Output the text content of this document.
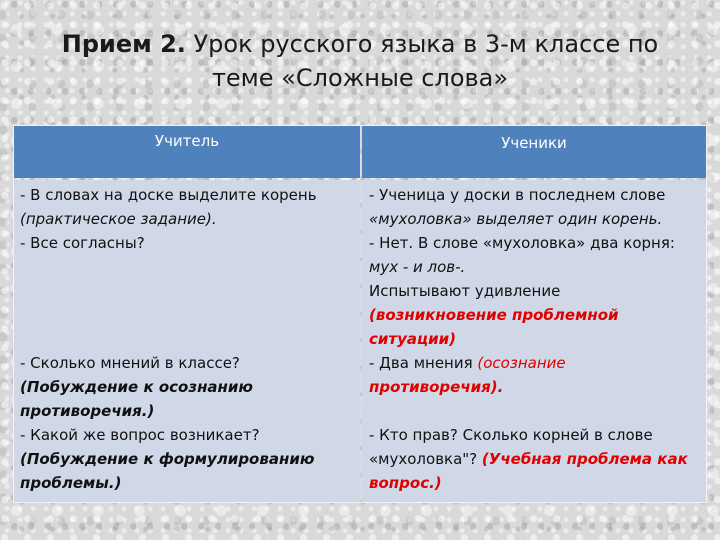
Прием 2. Урок русского языка в 3-м классе по
теме «Сложные слова»
Учитель	Ученики
- В словах на доске выделите корень
(практическое задание).
- Все согласны?
- Сколько мнений в классе?
(Побуждение к осознанию
противоречия.)
- Какой же вопрос возникает?
(Побуждение к формулированию
проблемы.)
- Ученица у доски в последнем слове
«мухоловка» выделяет один корень.
- Нет. В слове «мухоловка» два корня:
мух - и лов-.
Испытывают удивление
(возникновение проблемной
ситуации)
- Два мнения (осознание
противоречия).
- Кто прав? Сколько корней в слове
«мухоловка"? (Учебная проблема как
вопрос.)
